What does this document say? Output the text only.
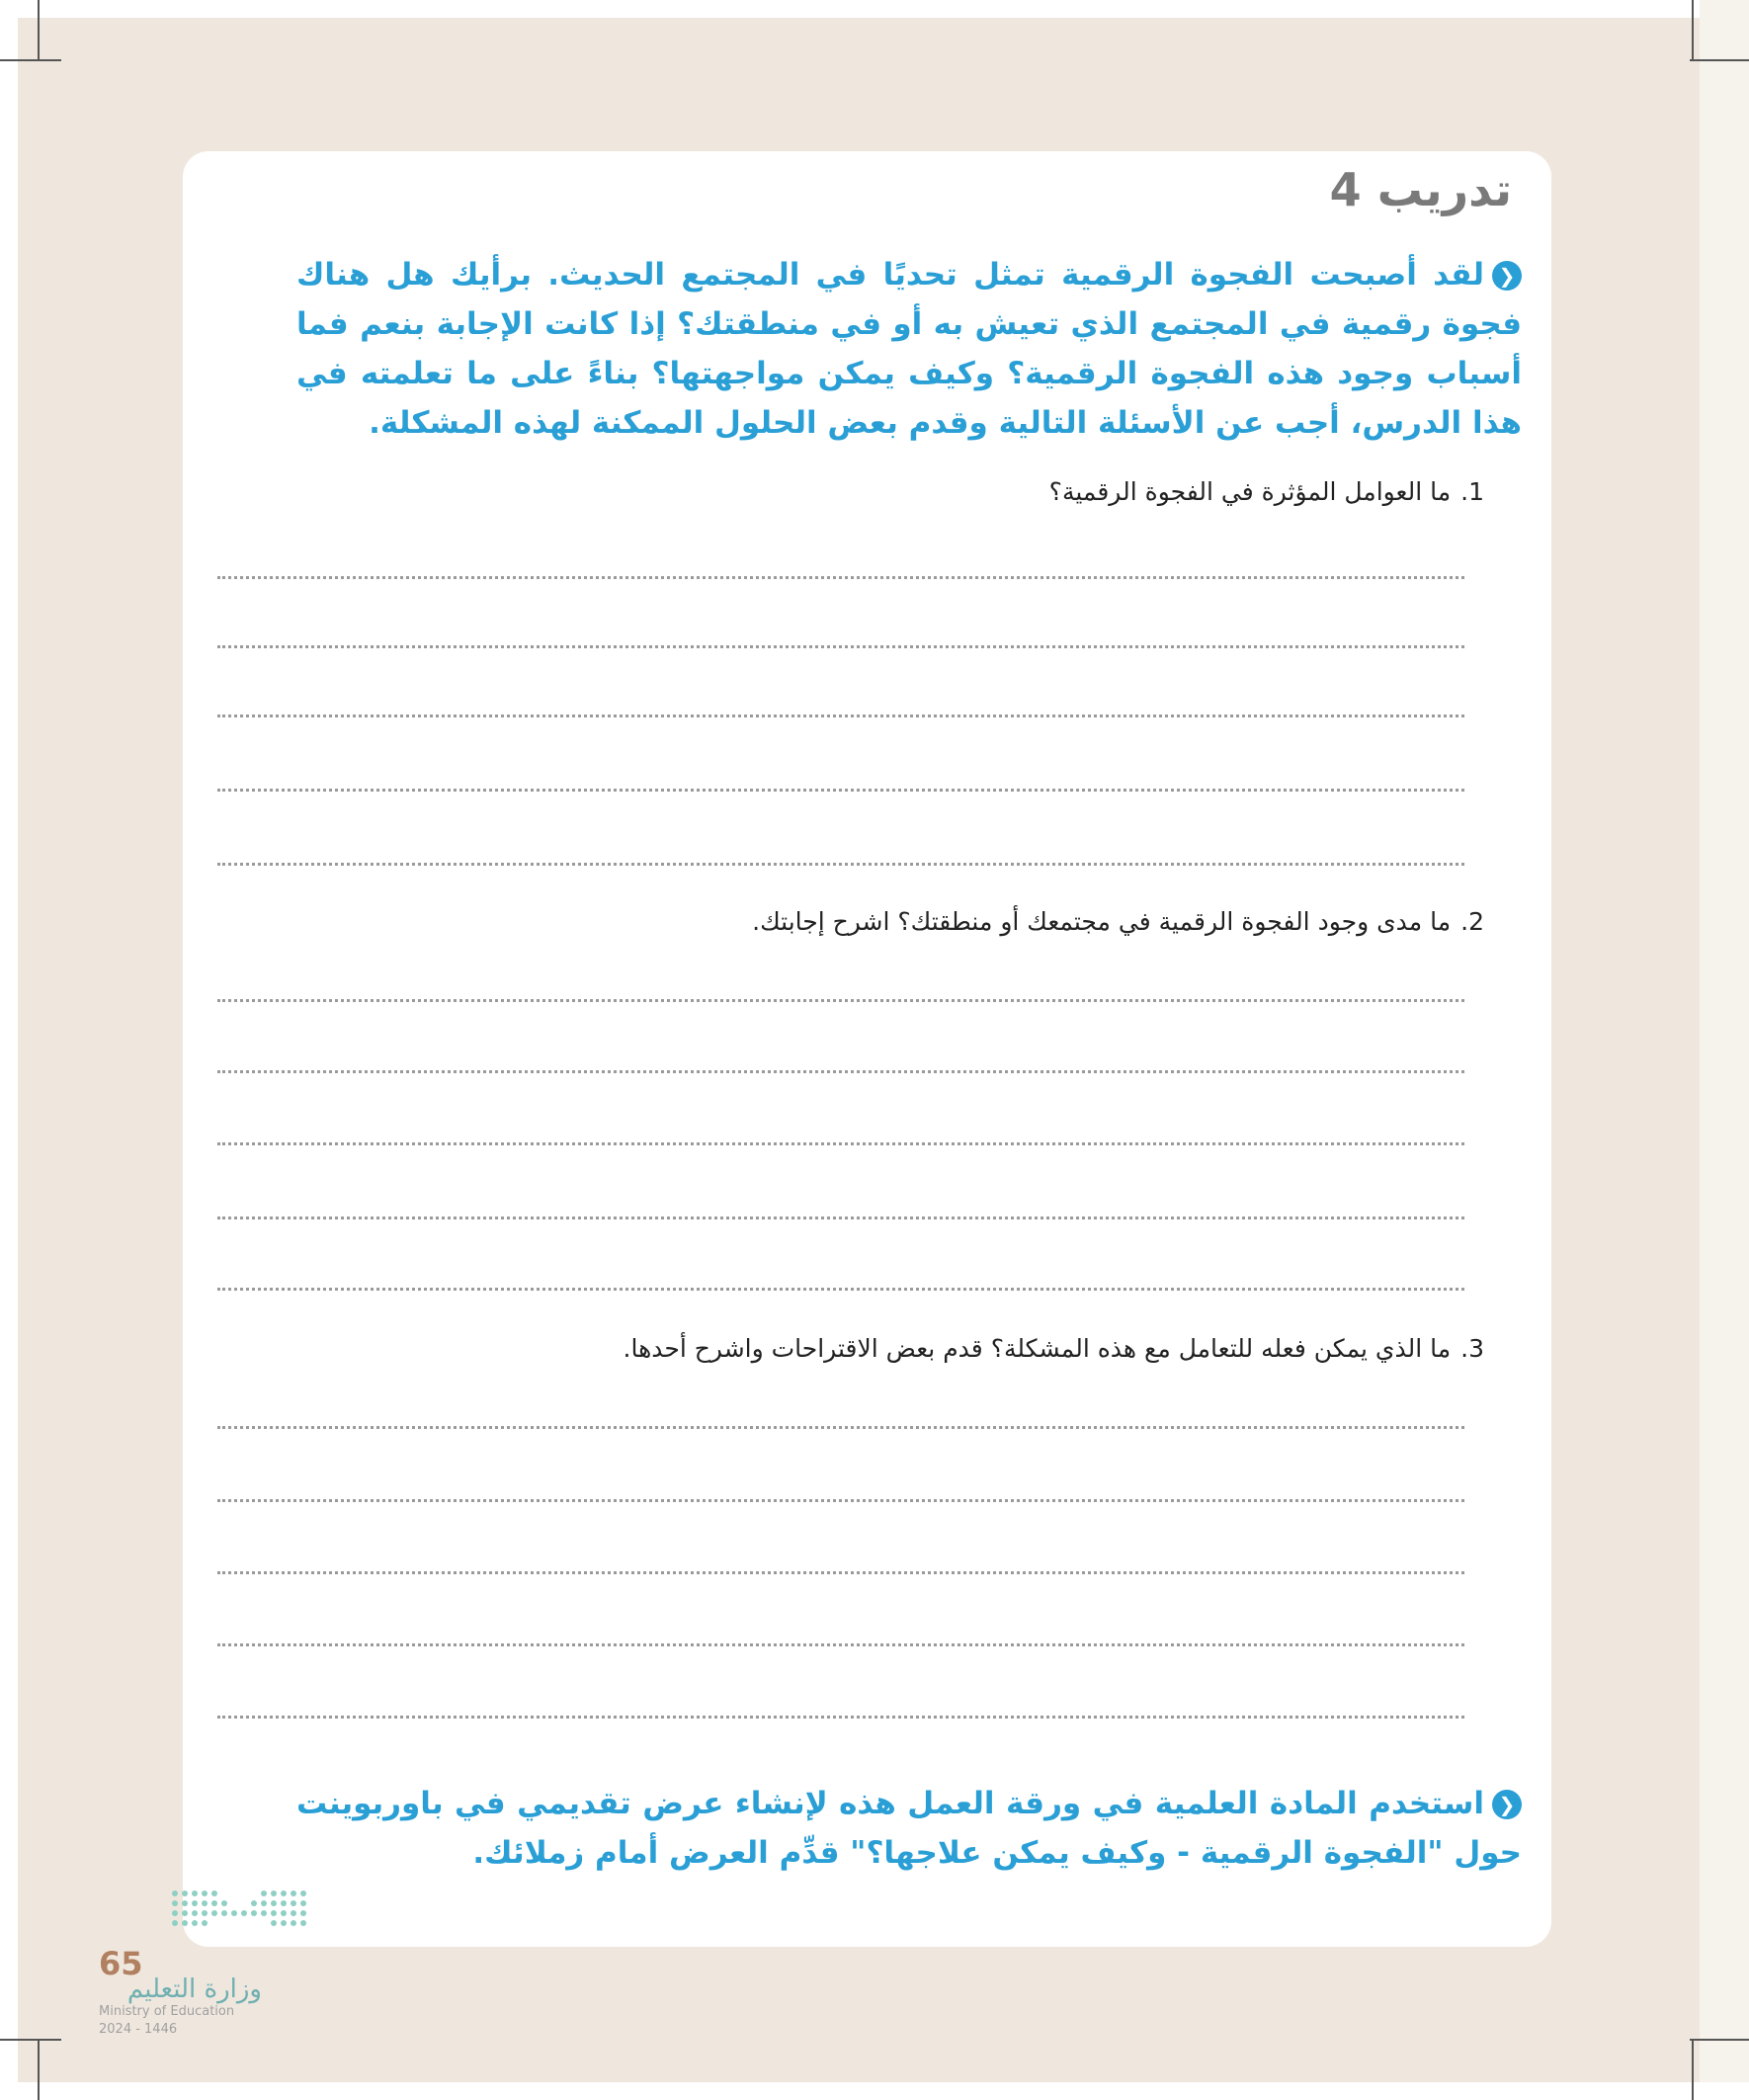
تدريب 4
❮لقد أصبحت الفجوة الرقمية تمثل تحديًا في المجتمع الحديث. برأيك هل هناك فجوة رقمية في المجتمع الذي تعيش به أو في منطقتك؟ إذا كانت الإجابة بنعم فما أسباب وجود هذه الفجوة الرقمية؟ وكيف يمكن مواجهتها؟ بناءً على ما تعلمته في هذا الدرس، أجب عن الأسئلة التالية وقدم بعض الحلول الممكنة لهذه المشكلة.
1.ما العوامل المؤثرة في الفجوة الرقمية؟
2.ما مدى وجود الفجوة الرقمية في مجتمعك أو منطقتك؟ اشرح إجابتك.
3.ما الذي يمكن فعله للتعامل مع هذه المشكلة؟ قدم بعض الاقتراحات واشرح أحدها.
❮استخدم المادة العلمية في ورقة العمل هذه لإنشاء عرض تقديمي في باوربوينت حول "الفجوة الرقمية - وكيف يمكن علاجها؟" قدِّم العرض أمام زملائك.
65
وزارة التعليم
Ministry of Education
2024 - 1446
